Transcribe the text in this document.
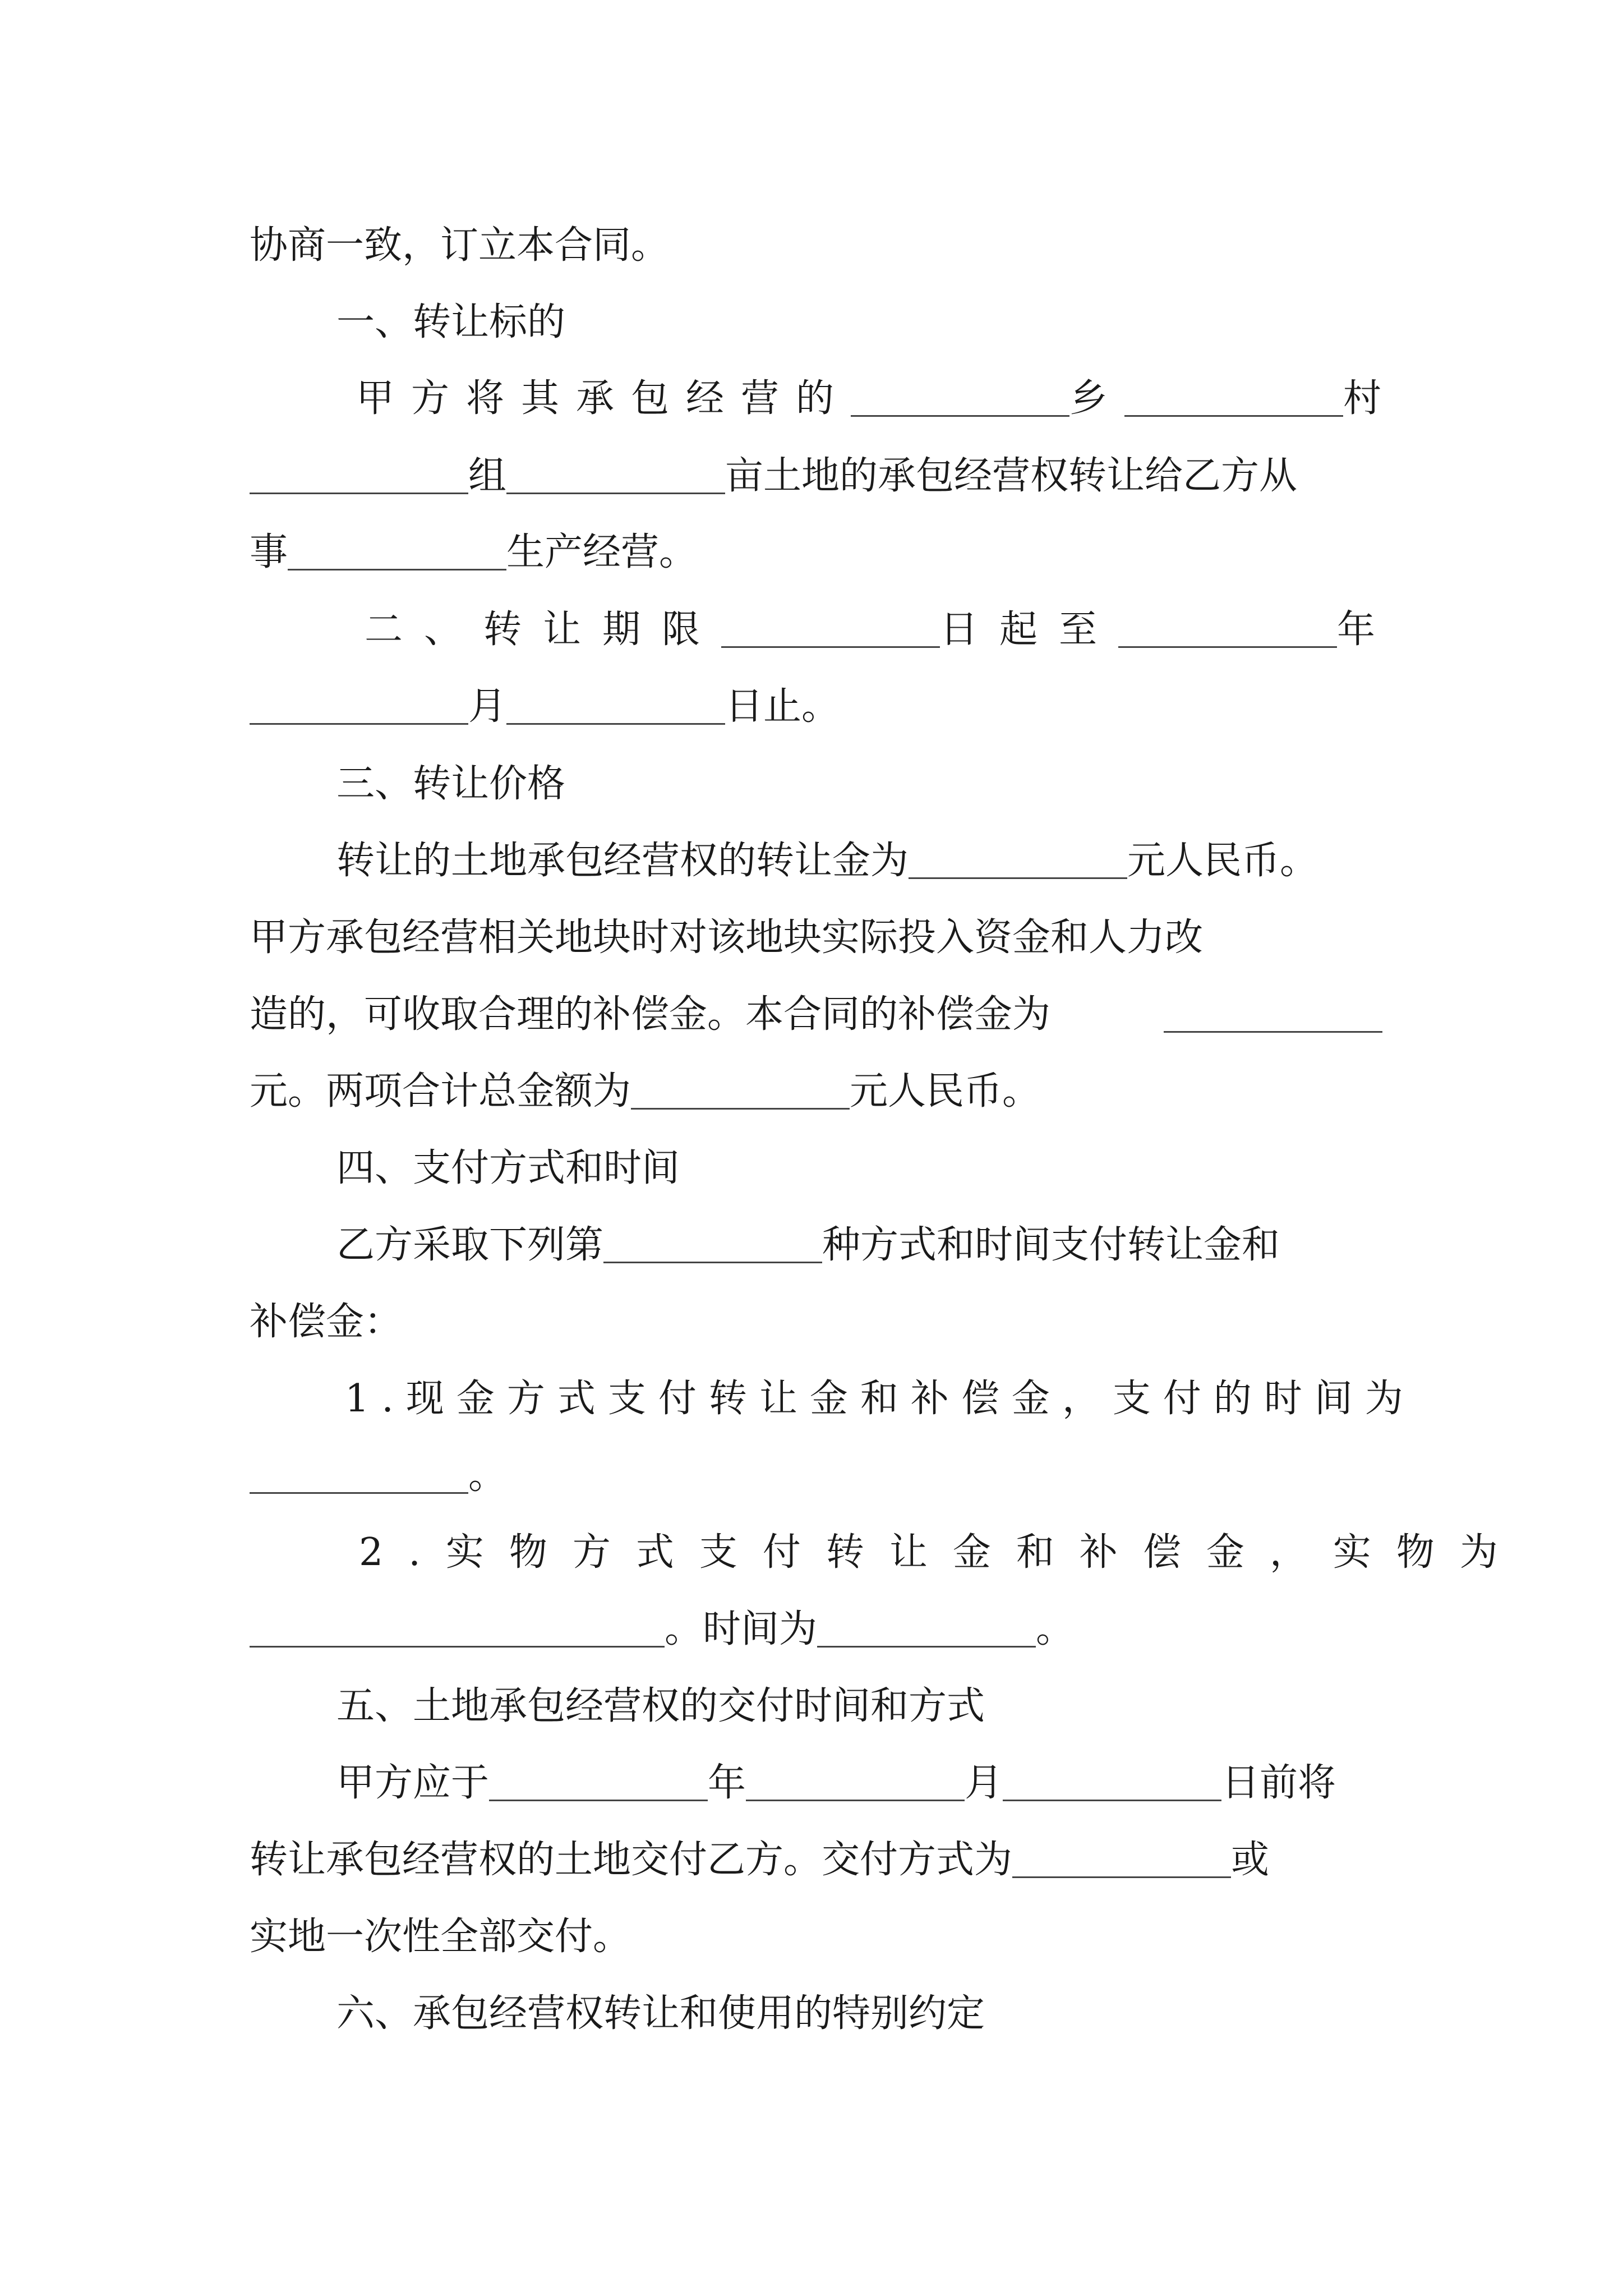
协商一致，订立本合同。
一、转让标的
甲方将其承包经营的	乡	村
组	亩土地的承包经营权转让给乙方从
事	生产经营。
二、转让期限	日起至	年
月	日止。
三、转让价格
转让的土地承包经营权的转让金为	元人民币。
甲方承包经营相关地块时对该地块实际投入资金和人力改
造的，可收取合理的补偿金。本合同的补偿金为
元。两项合计总金额为	元人民币。
四、支付方式和时间
乙方采取下列第	种方式和时间支付转让金和
补偿金：
1.现金方式支付转让金和补偿金，支付的时间为
。
2.实物方式支付转让金和补偿金，实物为
。时间为	。
五、土地承包经营权的交付时间和方式
甲方应于	年	月	日前将
转让承包经营权的土地交付乙方。交付方式为	或
实地一次性全部交付。
六、承包经营权转让和使用的特别约定
